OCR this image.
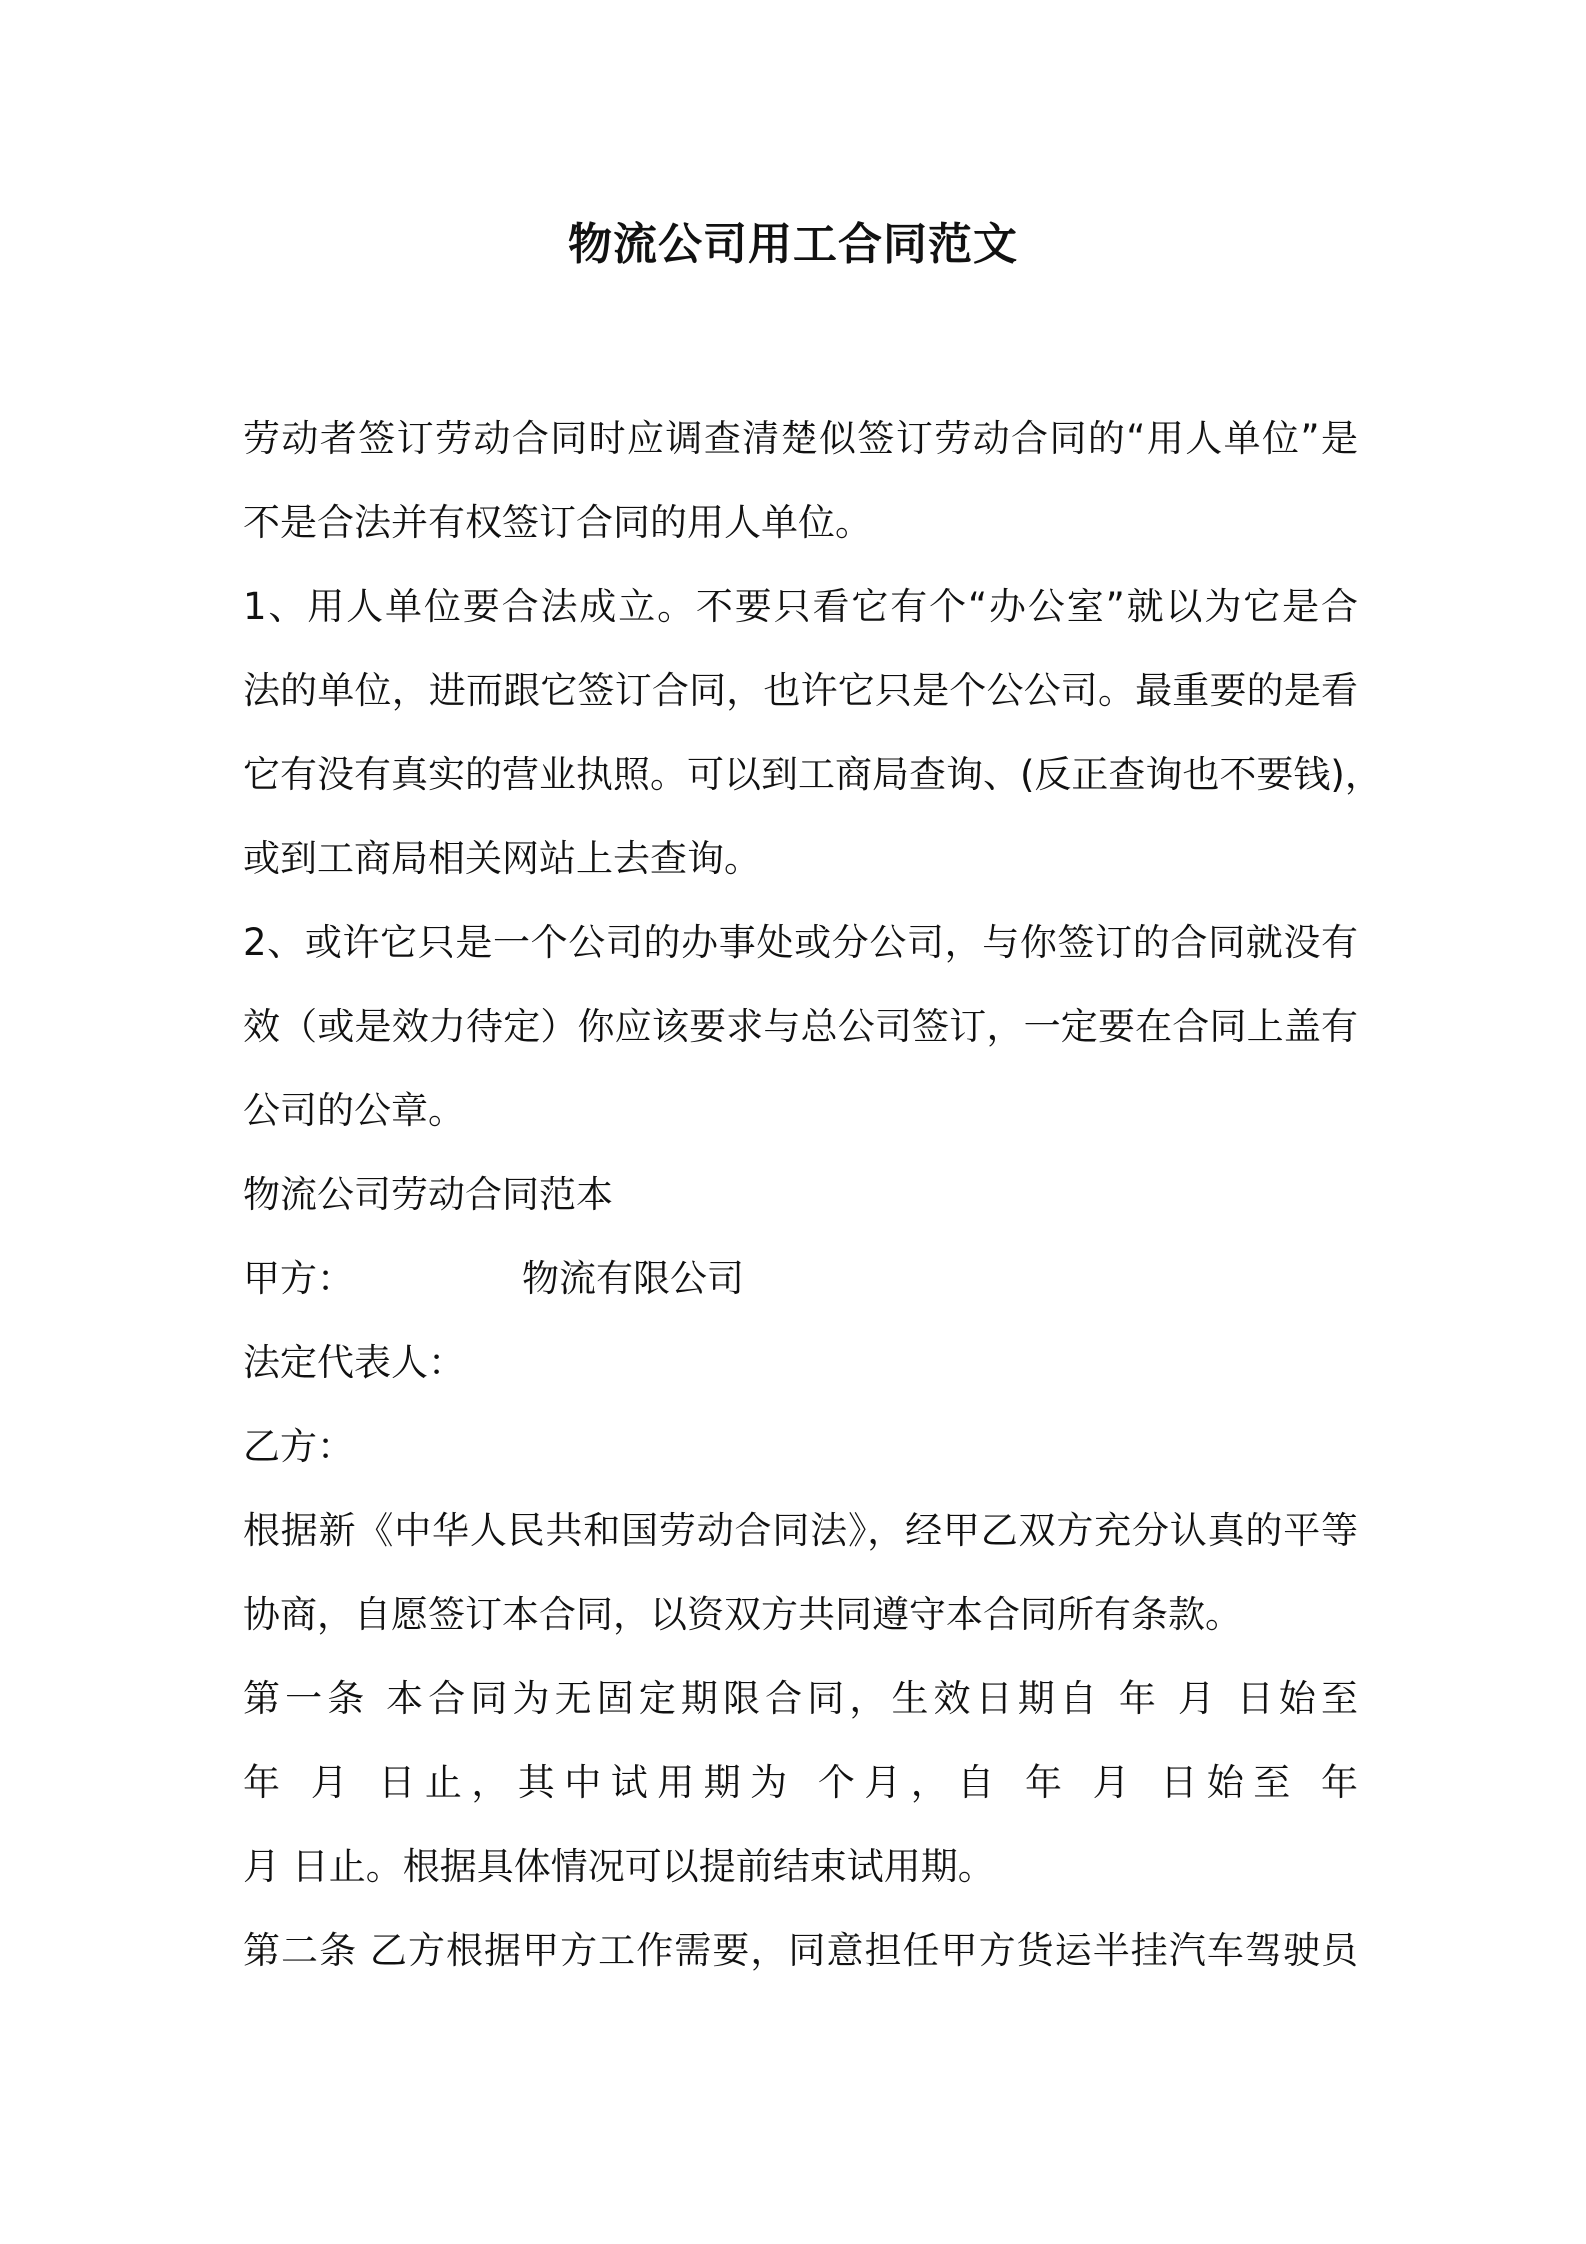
物流公司用工合同范文
劳动者签订劳动合同时应调查清楚似签订劳动合同的“用人单位”是
不是合法并有权签订合同的用人单位。
1、用人单位要合法成立。不要只看它有个“办公室”就以为它是合
法的单位，进而跟它签订合同，也许它只是个公公司。最重要的是看
它有没有真实的营业执照。可以到工商局查询、(反正查询也不要钱)，
或到工商局相关网站上去查询。
2、或许它只是一个公司的办事处或分公司，与你签订的合同就没有
效（或是效力待定）你应该要求与总公司签订，一定要在合同上盖有
公司的公章。
物流公司劳动合同范本
甲方：	物流有限公司
法定代表人：
乙方：
根据新《中华人民共和国劳动合同法》，经甲乙双方充分认真的平等
协商，自愿签订本合同，以资双方共同遵守本合同所有条款。
第一条 本合同为无固定期限合同，生效日期自 年 月 日始至
年 月 日止，其中试用期为 个月，自 年 月 日始至 年
月 日止。根据具体情况可以提前结束试用期。
第二条 乙方根据甲方工作需要，同意担任甲方货运半挂汽车驾驶员
